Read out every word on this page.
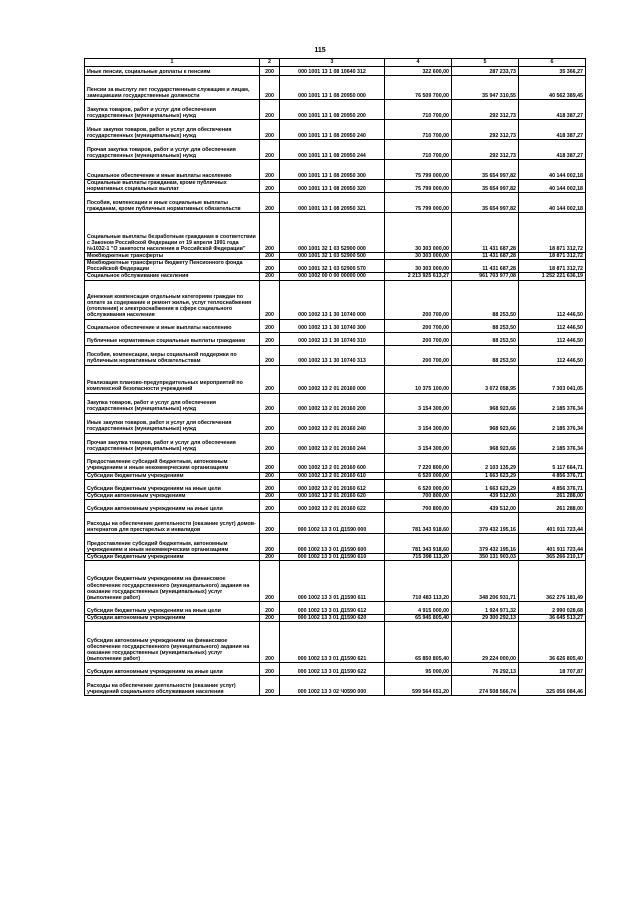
115
1	2	3	4	5	6
Иные пенсии, социальные доплаты к пенсиям	200	000 1001 13 1 08 10640 312	322 600,00	287 233,73	35 366,27
Пенсии за выслугу лет государственным служащим и лицам, замещавшим государственные должности	200	000 1001 13 1 08 20950 000	76 509 700,00	35 947 310,55	40 562 389,45
Закупка товаров, работ и услуг для обеспечения государственных (муниципальных) нужд	200	000 1001 13 1 08 20950 200	710 700,00	292 312,73	418 387,27
Иные закупки товаров, работ и услуг для обеспечения государственных (муниципальных) нужд	200	000 1001 13 1 08 20950 240	710 700,00	292 312,73	418 387,27
Прочая закупка товаров, работ и услуг для обеспечения государственных (муниципальных) нужд	200	000 1001 13 1 08 20950 244	710 700,00	292 312,73	418 387,27
Социальное обеспечение и иные выплаты населению	200	000 1001 13 1 08 20950 300	75 799 000,00	35 654 997,82	40 144 002,18
Социальные выплаты гражданам, кроме публичных нормативных социальных выплат	200	000 1001 13 1 08 20950 320	75 799 000,00	35 654 997,82	40 144 002,18
Пособия, компенсации и иные социальные выплаты гражданам, кроме публичных нормативных обязательств	200	000 1001 13 1 08 20950 321	75 799 000,00	35 654 997,82	40 144 002,18
Социальные выплаты безработным гражданам в соответствии с Законом Российской Федерации от 19 апреля 1991 года №1032-1 "О занятости населения в Российской Федерации"	200	000 1001 32 1 03 52900 000	30 303 000,00	11 431 687,28	18 871 312,72
Межбюджетные трансферты	200	000 1001 32 1 03 52900 500	30 303 000,00	11 431 687,28	18 871 312,72
Межбюджетные трансферты бюджету Пенсионного фонда Российской Федерации	200	000 1001 32 1 03 52900 570	30 303 000,00	11 431 687,28	18 871 312,72
Социальное обслуживание населения	200	000 1002 00 0 00 00000 000	2 213 925 613,27	961 703 977,08	1 252 221 636,19
Денежная компенсация отдельным категориям граждан по оплате за содержание и ремонт жилья, услуг теплоснабжения (отопления) и электроснабжения в сфере социального обслуживания населения	200	000 1002 13 1 30 10740 000	200 700,00	88 253,50	112 446,50
Социальное обеспечение и иные выплаты населению	200	000 1002 13 1 30 10740 300	200 700,00	88 253,50	112 446,50
Публичные нормативные социальные выплаты гражданам	200	000 1002 13 1 30 10740 310	200 700,00	88 253,50	112 446,50
Пособия, компенсации, меры социальной поддержки по публичным нормативным обязательствам	200	000 1002 13 1 30 10740 313	200 700,00	88 253,50	112 446,50
Реализация планово-предупредительных мероприятий по комплексной безопасности учреждений	200	000 1002 13 2 01 20160 000	10 375 100,00	3 072 058,95	7 303 041,05
Закупка товаров, работ и услуг для обеспечения государственных (муниципальных) нужд	200	000 1002 13 2 01 20160 200	3 154 300,00	968 923,66	2 185 376,34
Иные закупки товаров, работ и услуг для обеспечения государственных (муниципальных) нужд	200	000 1002 13 2 01 20160 240	3 154 300,00	968 923,66	2 185 376,34
Прочая закупка товаров, работ и услуг для обеспечения государственных (муниципальных) нужд	200	000 1002 13 2 01 20160 244	3 154 300,00	968 923,66	2 185 376,34
Предоставление субсидий бюджетным, автономным учреждениям и иным некоммерческим организациям	200	000 1002 13 2 01 20160 600	7 220 800,00	2 103 135,29	5 117 664,71
Субсидии бюджетным учреждениям	200	000 1002 13 2 01 20160 610	6 520 000,00	1 663 623,29	4 856 376,71
Субсидии бюджетным учреждениям на иные цели	200	000 1002 13 2 01 20160 612	6 520 000,00	1 663 623,29	4 856 376,71
Субсидии автономным учреждениям	200	000 1002 13 2 01 20160 620	700 800,00	439 512,00	261 288,00
Субсидии автономным учреждениям на иные цели	200	000 1002 13 2 01 20160 622	700 800,00	439 512,00	261 288,00
Расходы на обеспечение деятельности (оказание услуг) домов-интернатов для престарелых и инвалидов	200	000 1002 13 3 01 Д1590 000	781 343 918,60	379 432 195,16	401 911 723,44
Предоставление субсидий бюджетным, автономным учреждениям и иным некоммерческим организациям	200	000 1002 13 3 01 Д1590 600	781 343 918,60	379 432 195,16	401 911 723,44
Субсидии бюджетным учреждениям	200	000 1002 13 3 01 Д1590 610	715 398 113,20	350 131 903,03	365 266 210,17
Субсидии бюджетным учреждениям на финансовое обеспечение государственного (муниципального) задания на оказание государственных (муниципальных) услуг (выполнение работ)	200	000 1002 13 3 01 Д1590 611	710 483 113,20	348 206 931,71	362 276 181,49
Субсидии бюджетным учреждениям на иные цели	200	000 1002 13 3 01 Д1590 612	4 915 000,00	1 924 971,32	2 990 028,68
Субсидии автономным учреждениям	200	000 1002 13 3 01 Д1590 620	65 945 805,40	29 300 292,13	36 645 513,27
Субсидии автономным учреждениям на финансовое обеспечение государственного (муниципального) задания на оказание государственных (муниципальных) услуг (выполнение работ)	200	000 1002 13 3 01 Д1590 621	65 850 805,40	29 224 000,00	36 626 805,40
Субсидии автономным учреждениям на иные цели	200	000 1002 13 3 01 Д1590 622	95 000,00	76 292,13	18 707,87
Расходы на обеспечение деятельности (оказание услуг) учреждений социального обслуживания населения	200	000 1002 13 3 02 Ч0590 000	599 564 651,20	274 508 566,74	325 056 084,46
